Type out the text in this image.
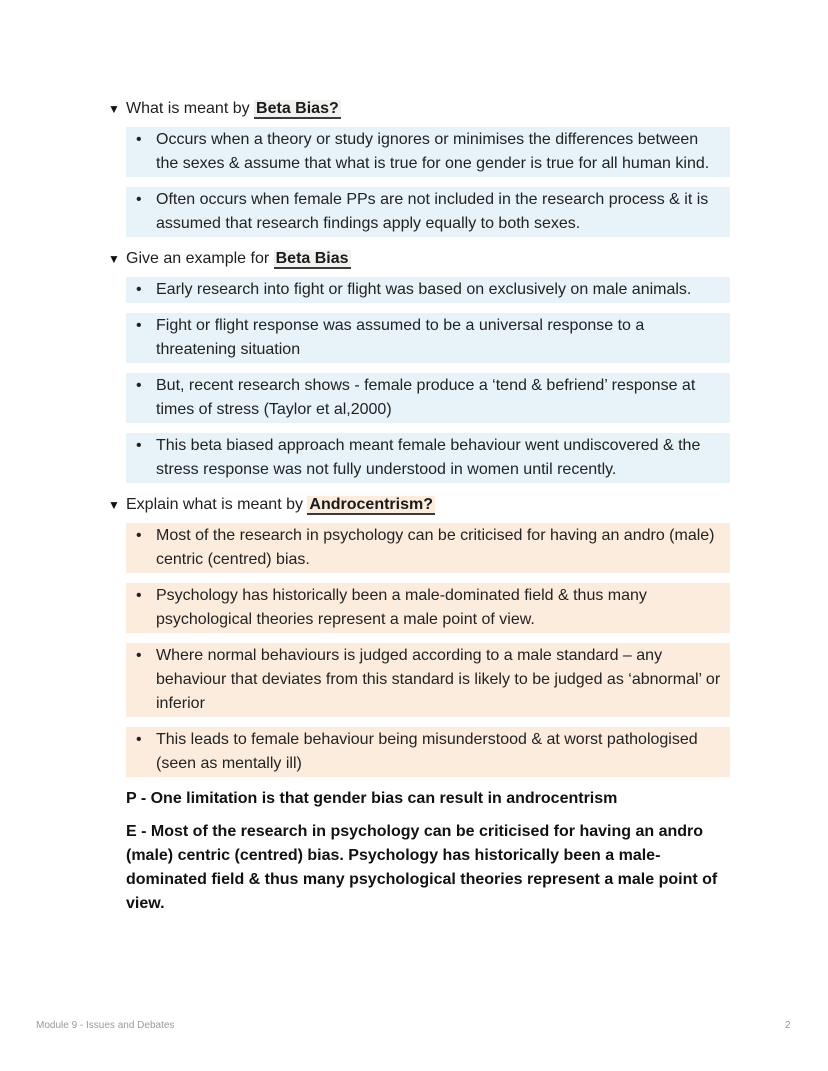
▼ What is meant by Beta Bias?
• Occurs when a theory or study ignores or minimises the differences between the sexes & assume that what is true for one gender is true for all human kind.
• Often occurs when female PPs are not included in the research process & it is assumed that research findings apply equally to both sexes.
▼ Give an example for Beta Bias
• Early research into fight or flight was based on exclusively on male animals.
• Fight or flight response was assumed to be a universal response to a threatening situation
• But, recent research shows - female produce a ‘tend & befriend’ response at times of stress (Taylor et al,2000)
• This beta biased approach meant female behaviour went undiscovered & the stress response was not fully understood in women until recently.
▼ Explain what is meant by Androcentrism?
• Most of the research in psychology can be criticised for having an andro (male) centric (centred) bias.
• Psychology has historically been a male-dominated field & thus many psychological theories represent a male point of view.
• Where normal behaviours is judged according to a male standard – any behaviour that deviates from this standard is likely to be judged as ‘abnormal’ or inferior
• This leads to female behaviour being misunderstood & at worst pathologised (seen as mentally ill)

P - One limitation is that gender bias can result in androcentrism

E - Most of the research in psychology can be criticised for having an andro (male) centric (centred) bias. Psychology has historically been a male-dominated field & thus many psychological theories represent a male point of view.

Module 9 - Issues and Debates	2
